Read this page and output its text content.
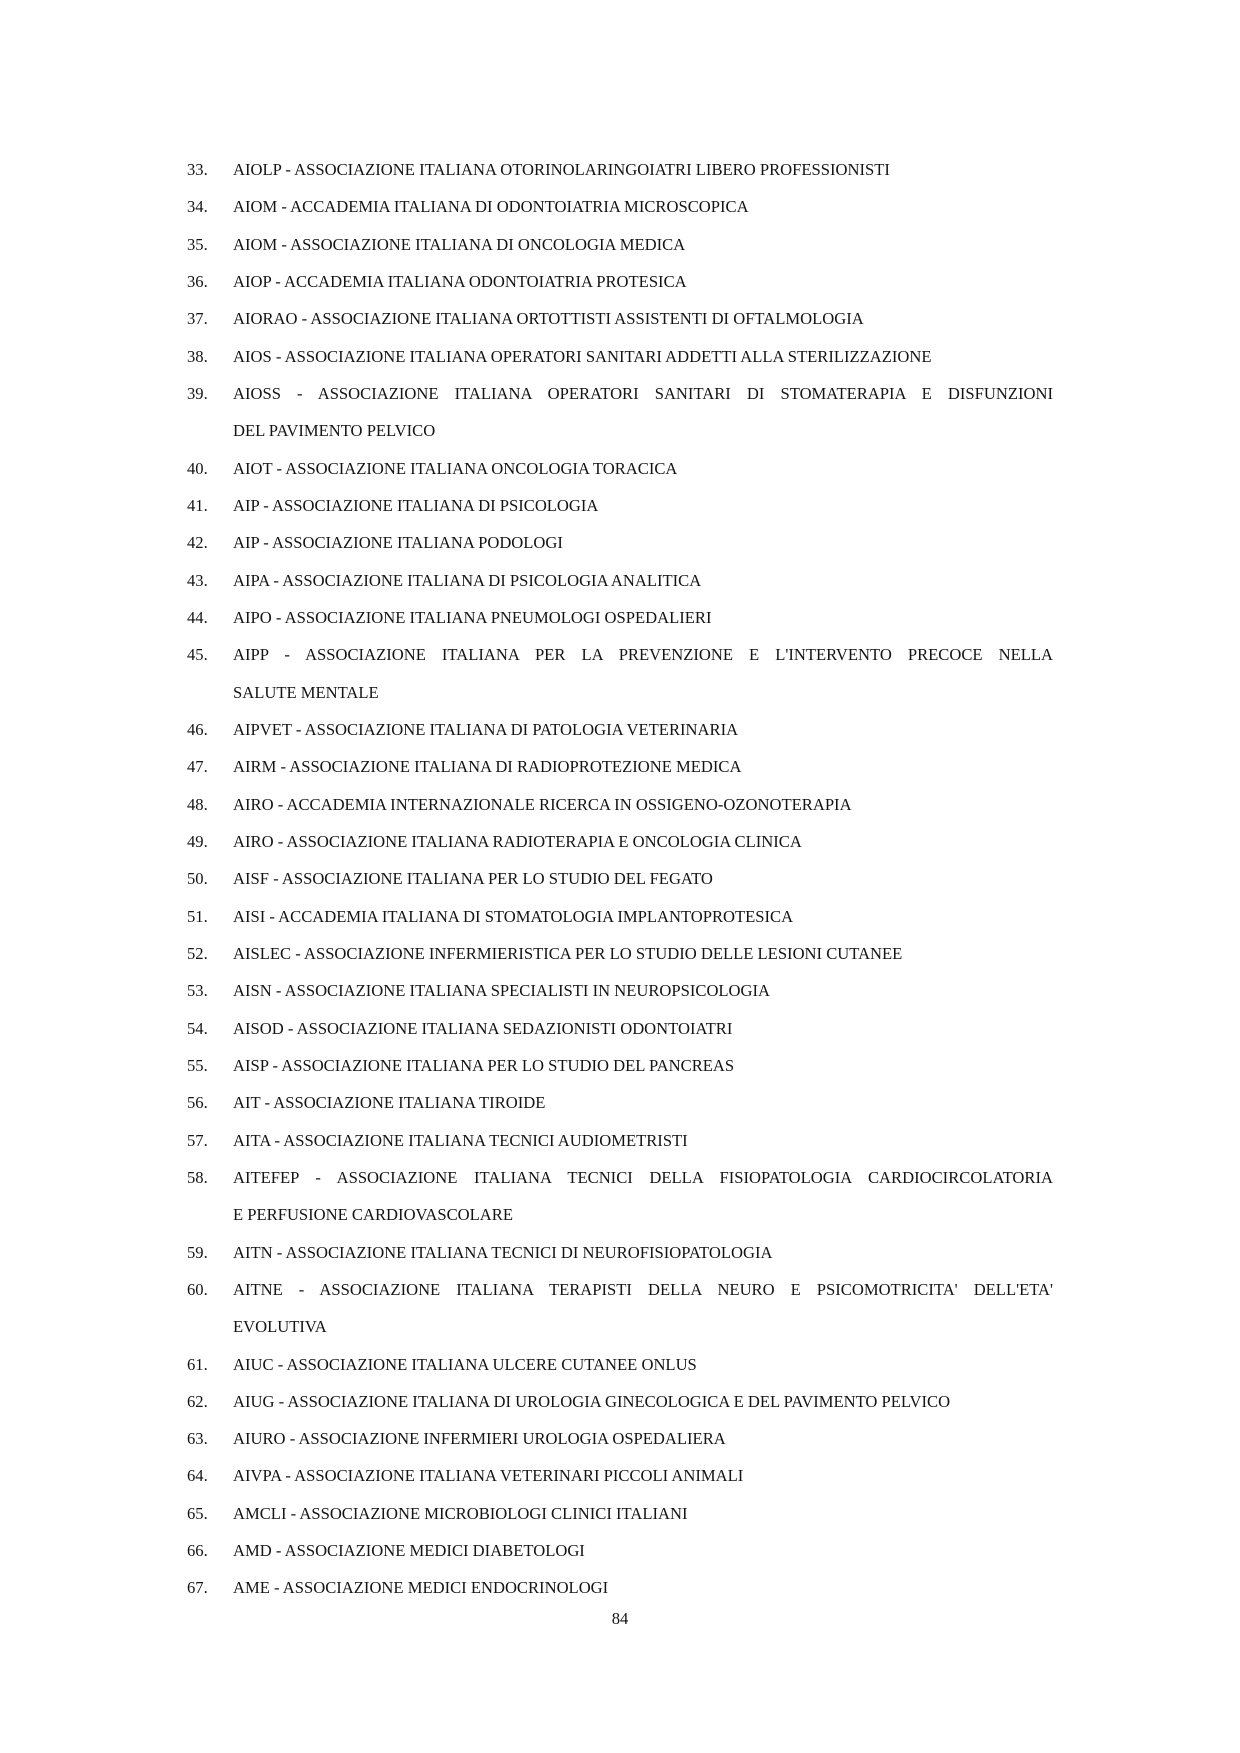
33.	AIOLP - ASSOCIAZIONE ITALIANA OTORINOLARINGOIATRI LIBERO PROFESSIONISTI
34.	AIOM - ACCADEMIA ITALIANA DI ODONTOIATRIA MICROSCOPICA
35.	AIOM - ASSOCIAZIONE ITALIANA DI ONCOLOGIA MEDICA
36.	AIOP - ACCADEMIA ITALIANA ODONTOIATRIA PROTESICA
37.	AIORAO - ASSOCIAZIONE ITALIANA ORTOTTISTI ASSISTENTI DI OFTALMOLOGIA
38.	AIOS - ASSOCIAZIONE ITALIANA OPERATORI SANITARI ADDETTI ALLA STERILIZZAZIONE
39.	AIOSS - ASSOCIAZIONE ITALIANA OPERATORI SANITARI DI STOMATERAPIA E DISFUNZIONI
DEL PAVIMENTO PELVICO
40.	AIOT - ASSOCIAZIONE ITALIANA ONCOLOGIA TORACICA
41.	AIP - ASSOCIAZIONE ITALIANA DI PSICOLOGIA
42.	AIP - ASSOCIAZIONE ITALIANA PODOLOGI
43.	AIPA - ASSOCIAZIONE ITALIANA DI PSICOLOGIA ANALITICA
44.	AIPO - ASSOCIAZIONE ITALIANA PNEUMOLOGI OSPEDALIERI
45.	AIPP - ASSOCIAZIONE ITALIANA PER LA PREVENZIONE E L'INTERVENTO PRECOCE NELLA
SALUTE MENTALE
46.	AIPVET - ASSOCIAZIONE ITALIANA DI PATOLOGIA VETERINARIA
47.	AIRM - ASSOCIAZIONE ITALIANA DI RADIOPROTEZIONE MEDICA
48.	AIRO - ACCADEMIA INTERNAZIONALE RICERCA IN OSSIGENO-OZONOTERAPIA
49.	AIRO - ASSOCIAZIONE ITALIANA RADIOTERAPIA E ONCOLOGIA CLINICA
50.	AISF - ASSOCIAZIONE ITALIANA PER LO STUDIO DEL FEGATO
51.	AISI - ACCADEMIA ITALIANA DI STOMATOLOGIA IMPLANTOPROTESICA
52.	AISLEC - ASSOCIAZIONE INFERMIERISTICA PER LO STUDIO DELLE LESIONI CUTANEE
53.	AISN - ASSOCIAZIONE ITALIANA SPECIALISTI IN NEUROPSICOLOGIA
54.	AISOD - ASSOCIAZIONE ITALIANA SEDAZIONISTI ODONTOIATRI
55.	AISP - ASSOCIAZIONE ITALIANA PER LO STUDIO DEL PANCREAS
56.	AIT - ASSOCIAZIONE ITALIANA TIROIDE
57.	AITA - ASSOCIAZIONE ITALIANA TECNICI AUDIOMETRISTI
58.	AITEFEP - ASSOCIAZIONE ITALIANA TECNICI DELLA FISIOPATOLOGIA CARDIOCIRCOLATORIA
E PERFUSIONE CARDIOVASCOLARE
59.	AITN - ASSOCIAZIONE ITALIANA TECNICI DI NEUROFISIOPATOLOGIA
60.	AITNE - ASSOCIAZIONE ITALIANA TERAPISTI DELLA NEURO E PSICOMOTRICITA' DELL'ETA'
EVOLUTIVA
61.	AIUC - ASSOCIAZIONE ITALIANA ULCERE CUTANEE ONLUS
62.	AIUG - ASSOCIAZIONE ITALIANA DI UROLOGIA GINECOLOGICA E DEL PAVIMENTO PELVICO
63.	AIURO - ASSOCIAZIONE INFERMIERI UROLOGIA OSPEDALIERA
64.	AIVPA - ASSOCIAZIONE ITALIANA VETERINARI PICCOLI ANIMALI
65.	AMCLI - ASSOCIAZIONE MICROBIOLOGI CLINICI ITALIANI
66.	AMD - ASSOCIAZIONE MEDICI DIABETOLOGI
67.	AME - ASSOCIAZIONE MEDICI ENDOCRINOLOGI
84
